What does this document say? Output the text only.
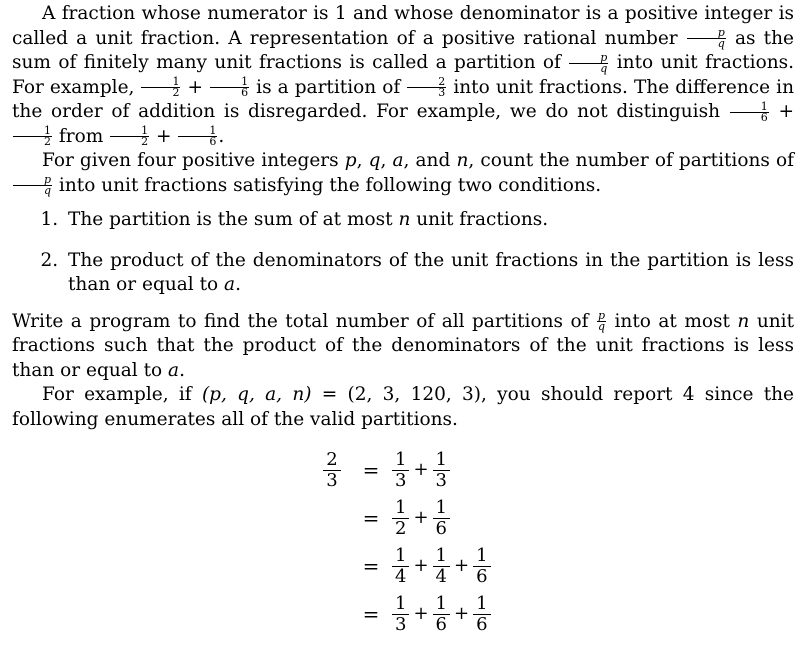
A fraction whose numerator is 1 and whose denominator is a positive integer is called a unit fraction. A representation of a positive rational number $\frac{p}{q}$ as the sum of finitely many unit fractions is called a partition of $\frac{p}{q}$ into unit fractions. For example, $\frac{1}{2} + \frac{1}{6}$ is a partition of $\frac{2}{3}$ into unit fractions. The difference in the order of addition is disregarded. For example, we do not distinguish $\frac{1}{6}$ +
$\frac{1}{2}$ from $\frac{1}{2} + \frac{1}{6}$ .

For given four positive integers p, q, a, and n, count the number of partitions of
$\frac{p}{q}$ into unit fractions satisfying the following two conditions.

1. The partition is the sum of at most n unit fractions.
2. The product of the denominators of the unit fractions in the partition is less than or equal to a.

Write a program to find the total number of all partitions of $\frac{p}{q}$ into at most n unit fractions such that the product of the denominators of the unit fractions is less than or equal to a.

For example, if (p, q, a, n) = (2, 3, 120, 3), you should report 4 since the following enumerates all of the valid partitions.

$\frac{2}{3}$	= $\frac{1}{3} + \frac{1}{3}$
= $\frac{1}{2} + \frac{1}{6}$
= $\frac{1}{4} + \frac{1}{4} + \frac{1}{6}$
= $\frac{1}{3} + \frac{1}{6} + \frac{1}{6}$
